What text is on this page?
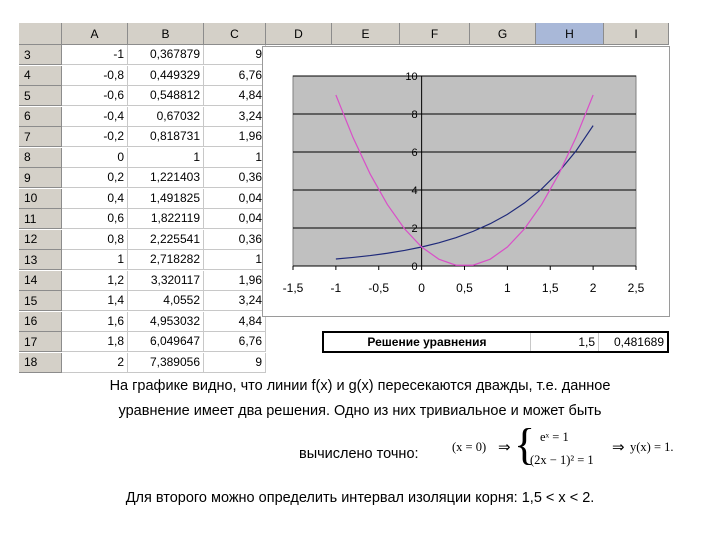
A	B	C	D	E	F	G	H	I
3	-1	0,367879	9
4	-0,8	0,449329	6,76
5	-0,6	0,548812	4,84
6	-0,4	0,67032	3,24
7	-0,2	0,818731	1,96
8	0	1	1
9	0,2	1,221403	0,36
10	0,4	1,491825	0,04
11	0,6	1,822119	0,04
12	0,8	2,225541	0,36
13	1	2,718282	1
14	1,2	3,320117	1,96
15	1,4	4,0552	3,24
16	1,6	4,953032	4,84
17	1,8	6,049647	6,76
18	2	7,389056	9
0
2
4
6
8
10
-1,5 -1 -0,5 0	0,5	1	1,5	2	2,5
Решение уравнения	1,5	0,481689
На графике видно, что линии f(x) и g(x) пересекаются дважды, т.е. данное
уравнение имеет два решения. Одно из них тривиальное и может быть
вычислено точно:	(x = 0) ⇒ { eˣ = 1
(2x − 1)² = 1
⇒ y(x) = 1.
Для второго можно определить интервал изоляции корня: 1,5 < x < 2.
